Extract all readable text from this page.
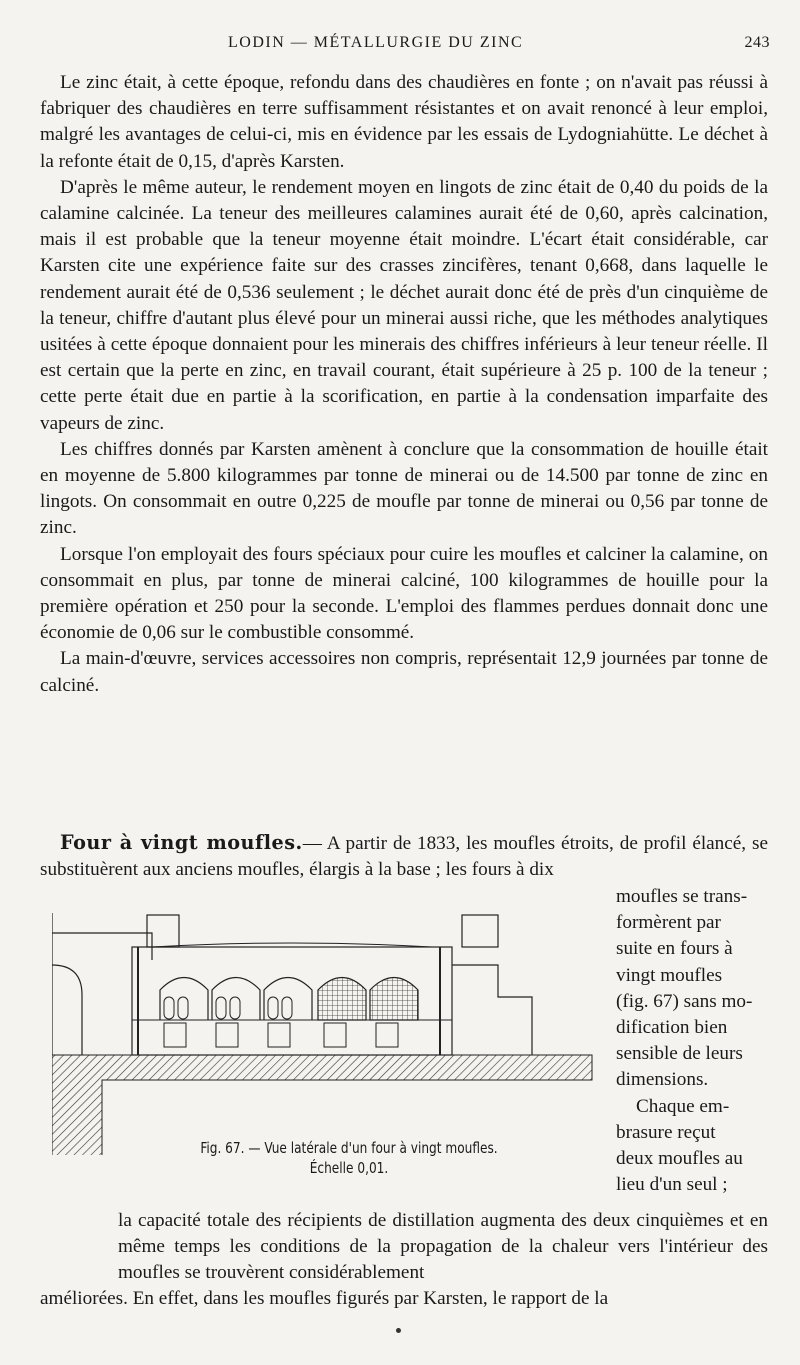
LODIN — MÉTALLURGIE DU ZINC	243

Le zinc était, à cette époque, refondu dans des chaudières en fonte ; on n'avait pas réussi à fabriquer des chaudières en terre suffisamment résistantes et on avait renoncé à leur emploi, malgré les avantages de celui-ci, mis en évidence par les essais de Lydogniahütte. Le déchet à la refonte était de 0,15, d'après Karsten.

D'après le même auteur, le rendement moyen en lingots de zinc était de 0,40 du poids de la calamine calcinée. La teneur des meilleures calamines aurait été de 0,60, après calcination, mais il est probable que la teneur moyenne était moindre. L'écart était considérable, car Karsten cite une expérience faite sur des crasses zincifères, tenant 0,668, dans laquelle le rendement aurait été de 0,536 seulement ; le déchet aurait donc été de près d'un cinquième de la teneur, chiffre d'autant plus élevé pour un minerai aussi riche, que les méthodes analytiques usitées à cette époque donnaient pour les minerais des chiffres inférieurs à leur teneur réelle. Il est certain que la perte en zinc, en travail courant, était supérieure à 25 p. 100 de la teneur ; cette perte était due en partie à la scorification, en partie à la condensation imparfaite des vapeurs de zinc.

Les chiffres donnés par Karsten amènent à conclure que la consommation de houille était en moyenne de 5.800 kilogrammes par tonne de minerai ou de 14.500 par tonne de zinc en lingots. On consommait en outre 0,225 de moufle par tonne de minerai ou 0,56 par tonne de zinc.

Lorsque l'on employait des fours spéciaux pour cuire les moufles et calciner la calamine, on consommait en plus, par tonne de minerai calciné, 100 kilogrammes de houille pour la première opération et 250 pour la seconde. L'emploi des flammes perdues donnait donc une économie de 0,06 sur le combustible consommé.

La main-d'œuvre, services accessoires non compris, représentait 12,9 journées par tonne de calciné.

Four à vingt moufles.— A partir de 1833, les moufles étroits, de profil élancé, se substituèrent aux anciens moufles, élargis à la base ; les fours à dix
moufles se trans-
formèrent par
suite en fours à
vingt moufles
(fig. 67) sans mo-
dification bien
sensible de leurs
dimensions.
Chaque em-
brasure reçut
deux moufles au
lieu d'un seul ;
Fig. 67. — Vue latérale d'un four à vingt moufles.
Échelle 0,01.
la capacité totale des récipients de distillation augmenta des deux cinquièmes et en même temps les conditions de la propagation de la chaleur vers l'intérieur des moufles se trouvèrent considérablement
améliorées. En effet, dans les moufles figurés par Karsten, le rapport de la
